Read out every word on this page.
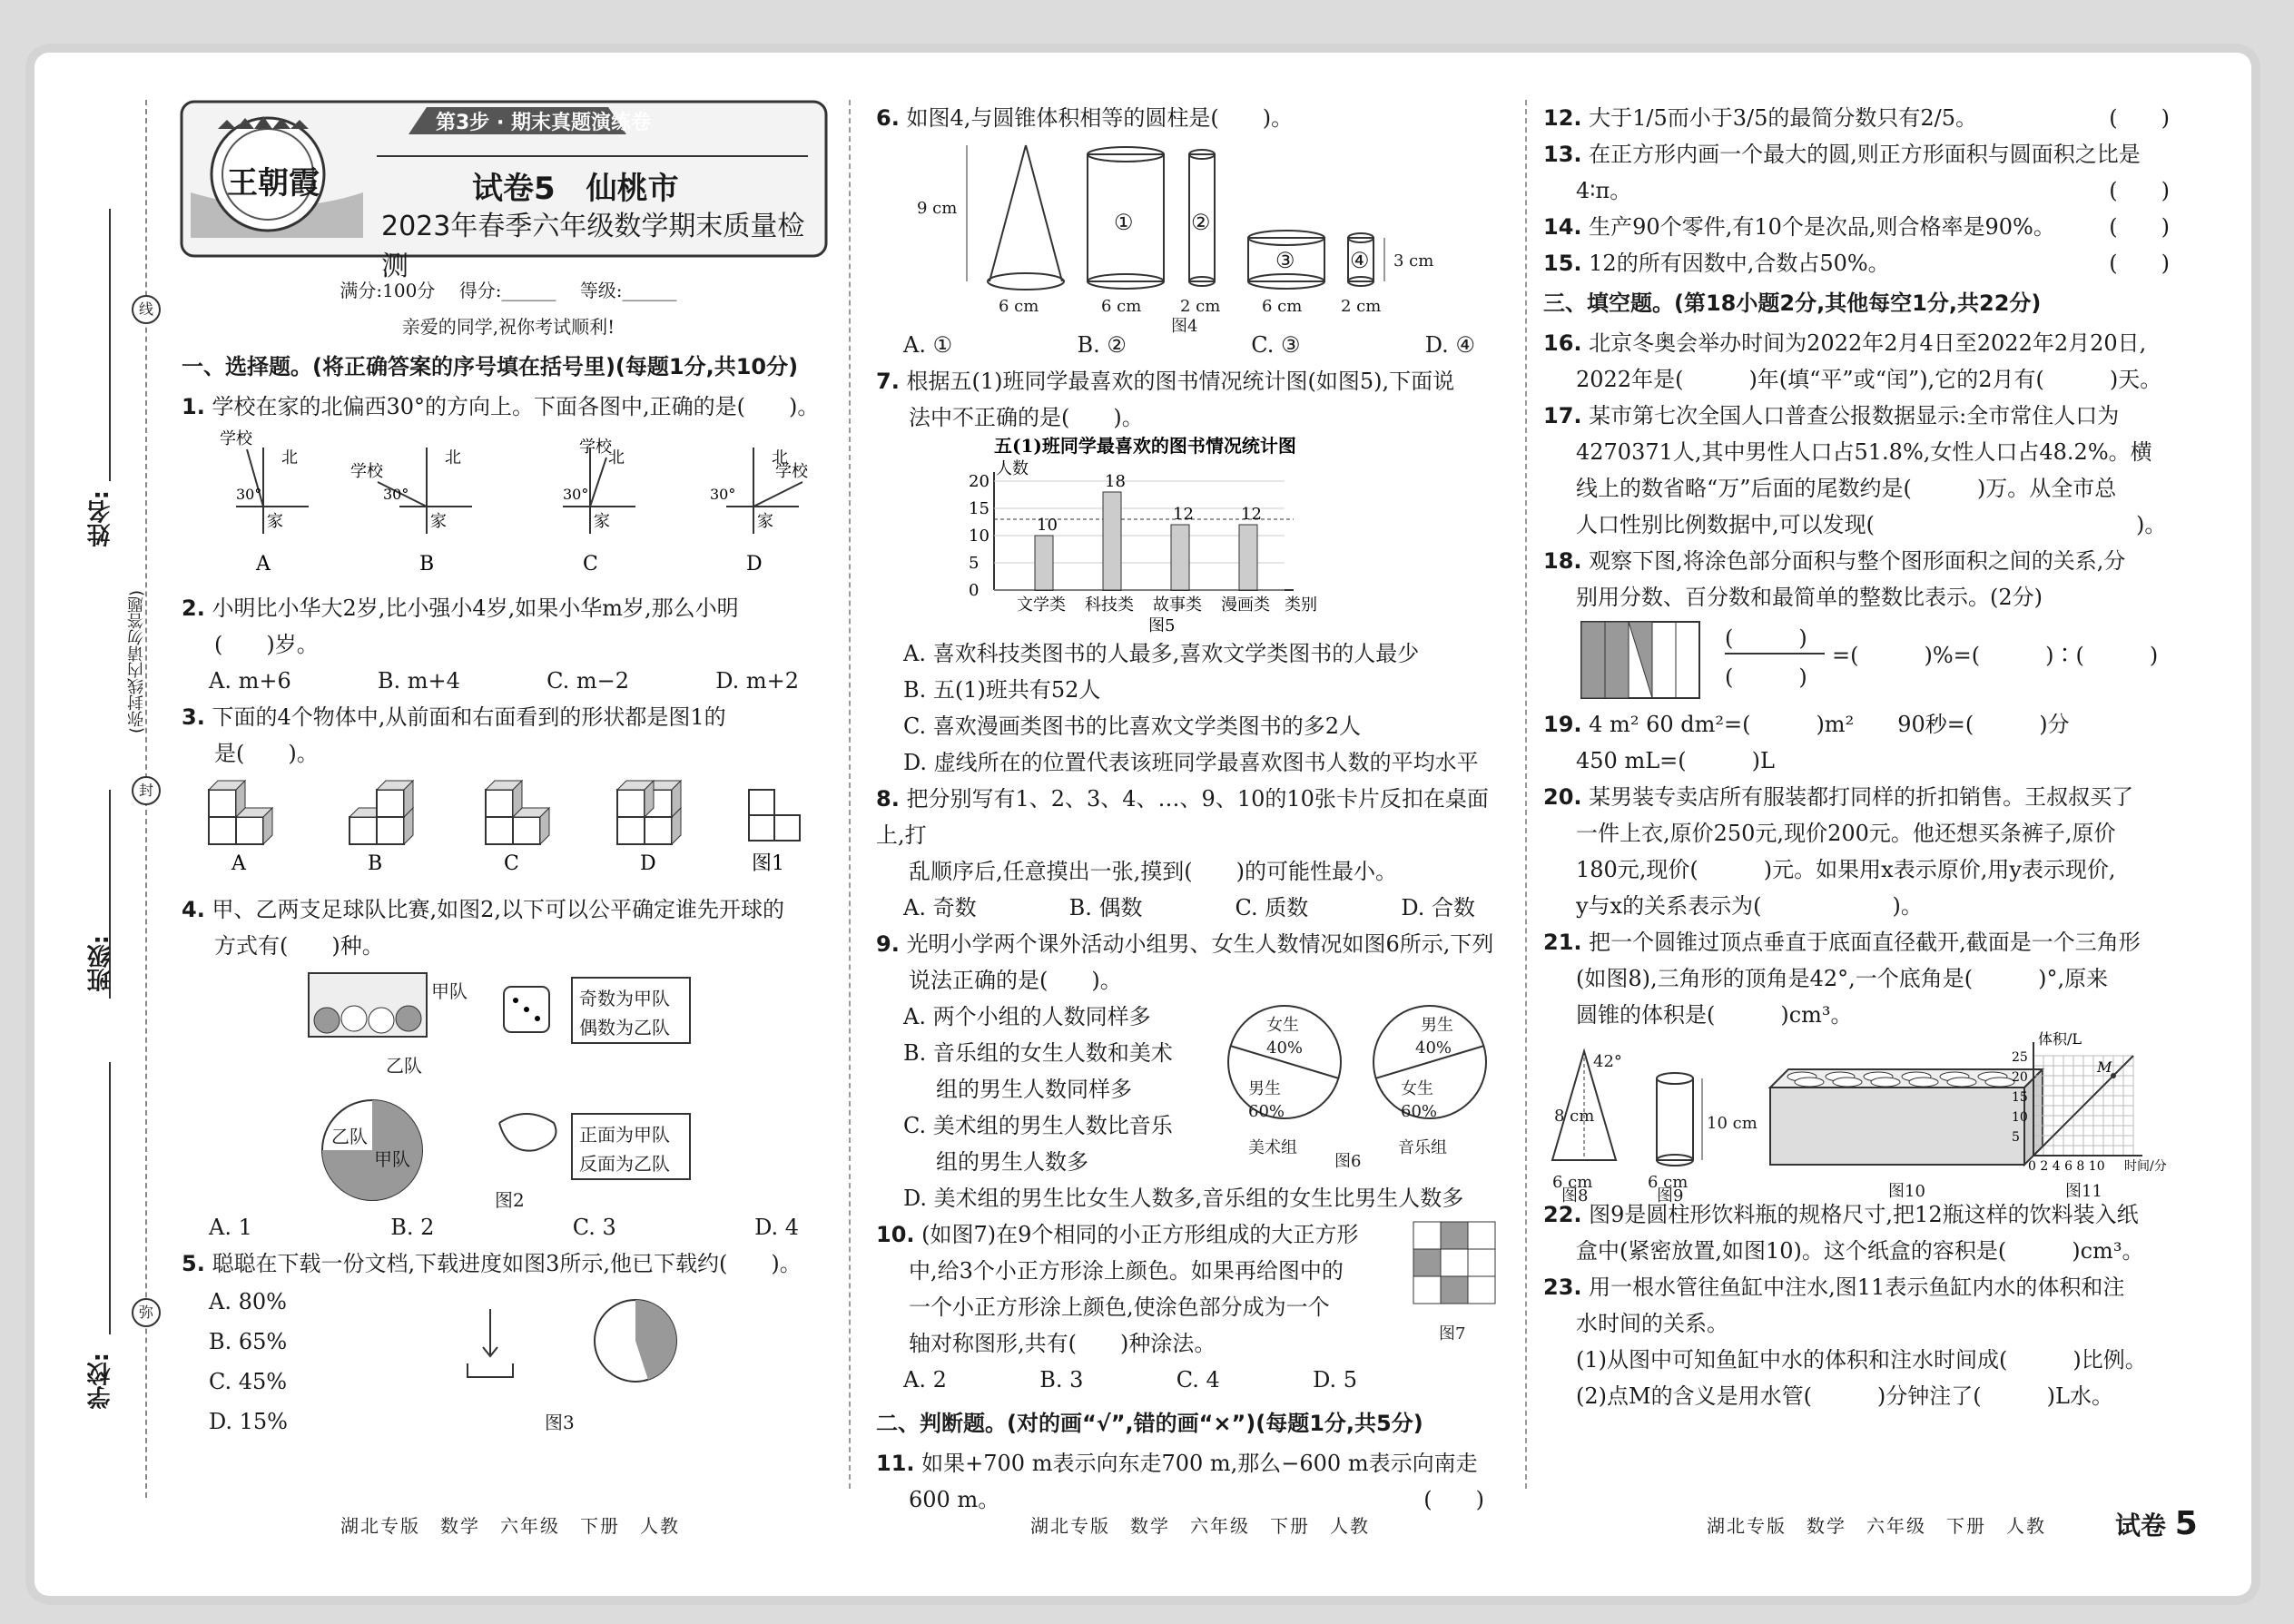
学校:
班级:
姓名:
(弥封线内请勿答题)
线
封
弥
王朝霞
第3步 · 期末真题演练卷
试卷5　仙桃市
2023年春季六年级数学期末质量检测
满分:100分　 得分:______　 等级:______
亲爱的同学,祝你考试顺利!

一、选择题。(将正确答案的序号填在括号里)(每题1分,共10分)

1. 学校在家的北偏西30°的方向上。下面各图中,正确的是(　　)。

北
家
学校
30°
A
北
家
学校
30°
B
北
家
学校
30°
C
北
家
学校
30°
D

2. 小明比小华大2岁,比小强小4岁,如果小华m岁,那么小明

(　　)岁。

A. m+6	B. m+4	C. m−2	D. m+2

3. 下面的4个物体中,从前面和右面看到的形状都是图1的

是(　　)。

A	B	C	D	图1

4. 甲、乙两支足球队比赛,如图2,以下可以公平确定谁先开球的

方式有(　　)种。

甲队
乙队
奇数为甲队
偶数为乙队
乙队
甲队
正面为甲队
反面为乙队
图2
A. 1	B. 2	C. 3	D. 4

5. 聪聪在下载一份文档,下载进度如图3所示,他已下载约(　　)。

A. 80%
B. 65%
C. 45%
D. 15%	图3

6. 如图4,与圆锥体积相等的圆柱是(　　)。

9 cm
3 cm
6 cm	6 cm 2 cm	6 cm 2 cm
①	②
③	④
图4
A. ①	B. ②	C. ③	D. ④

7. 根据五(1)班同学最喜欢的图书情况统计图(如图5),下面说

法中不正确的是(　　)。

五(1)班同学最喜欢的图书情况统计图
人数
0
5
10
15
20
10
文学类
18
科技类
12
故事类
12
漫画类 类别
图5
A. 喜欢科技类图书的人最多,喜欢文学类图书的人最少
B. 五(1)班共有52人
C. 喜欢漫画类图书的比喜欢文学类图书的多2人
D. 虚线所在的位置代表该班同学最喜欢图书人数的平均水平

8. 把分别写有1、2、3、4、…、9、10的10张卡片反扣在桌面上,打

乱顺序后,任意摸出一张,摸到(　　)的可能性最小。

A. 奇数	B. 偶数	C. 质数	D. 合数

9. 光明小学两个课外活动小组男、女生人数情况如图6所示,下列

说法正确的是(　　)。

A. 两个小组的人数同样多
B. 音乐组的女生人数和美术
组的男生人数同样多
C. 美术组的男生人数比音乐
组的男生人数多
女生
40%
男生
60%
男生
40%
女生
60%
美术组
图6
音乐组
D. 美术组的男生比女生人数多,音乐组的女生比男生人数多

10. (如图7)在9个相同的小正方形组成的大正方形

中,给3个小正方形涂上颜色。如果再给图中的

一个小正方形涂上颜色,使涂色部分成为一个

轴对称图形,共有(　　)种涂法。	图7
A. 2	B. 3	C. 4	D. 5

二、判断题。(对的画“√”,错的画“×”)(每题1分,共5分)

11. 如果+700 m表示向东走700 m,那么−600 m表示向南走

600 m。	(　　)

12. 大于1/5而小于3/5的最简分数只有2/5。	(　　)

13. 在正方形内画一个最大的圆,则正方形面积与圆面积之比是

4∶π。	(　　)

14. 生产90个零件,有10个是次品,则合格率是90%。 (　　)

15. 12的所有因数中,合数占50%。	(　　)

三、填空题。(第18小题2分,其他每空1分,共22分)

16. 北京冬奥会举办时间为2022年2月4日至2022年2月20日,

2022年是(　　　)年(填“平”或“闰”),它的2月有(　　　)天。

17. 某市第七次全国人口普查公报数据显示:全市常住人口为

4270371人,其中男性人口占51.8%,女性人口占48.2%。横

线上的数省略“万”后面的尾数约是(　　　)万。从全市总

人口性别比例数据中,可以发现(　　　　　　　　　　　　)。

18. 观察下图,将涂色部分面积与整个图形面积之间的关系,分

别用分数、百分数和最简单的整数比表示。(2分)

(　　　)
(　　　)
=(　　　)%=(　　　)∶(　　　)

19. 4 m² 60 dm²=(　　　)m²　　 90秒=(　　　)分

450 mL=(　　　)L

20. 某男装专卖店所有服装都打同样的折扣销售。王叔叔买了

一件上衣,原价250元,现价200元。他还想买条裤子,原价

180元,现价(　　　)元。如果用x表示原价,用y表示现价,

y与x的关系表示为(　　　　　　)。

21. 把一个圆锥过顶点垂直于底面直径截开,截面是一个三角形

(如图8),三角形的顶角是42°,一个底角是(　　　)°,原来

圆锥的体积是(　　　)cm³。

M
体积/L
25
20
15
10
5
0 2 4 6 8 10 时间/分
42°
8 cm
6 cm
10 cm
6 cm
图8	图9	图10	图11

22. 图9是圆柱形饮料瓶的规格尺寸,把12瓶这样的饮料装入纸

盒中(紧密放置,如图10)。这个纸盒的容积是(　　　)cm³。

23. 用一根水管往鱼缸中注水,图11表示鱼缸内水的体积和注

水时间的关系。

(1)从图中可知鱼缸中水的体积和注水时间成(　　　)比例。

(2)点M的含义是用水管(　　　)分钟注了(　　　)L水。

湖北专版　数学　六年级　下册　人教	湖北专版　数学　六年级　下册　人教	湖北专版　数学　六年级　下册　人教	试卷 5
